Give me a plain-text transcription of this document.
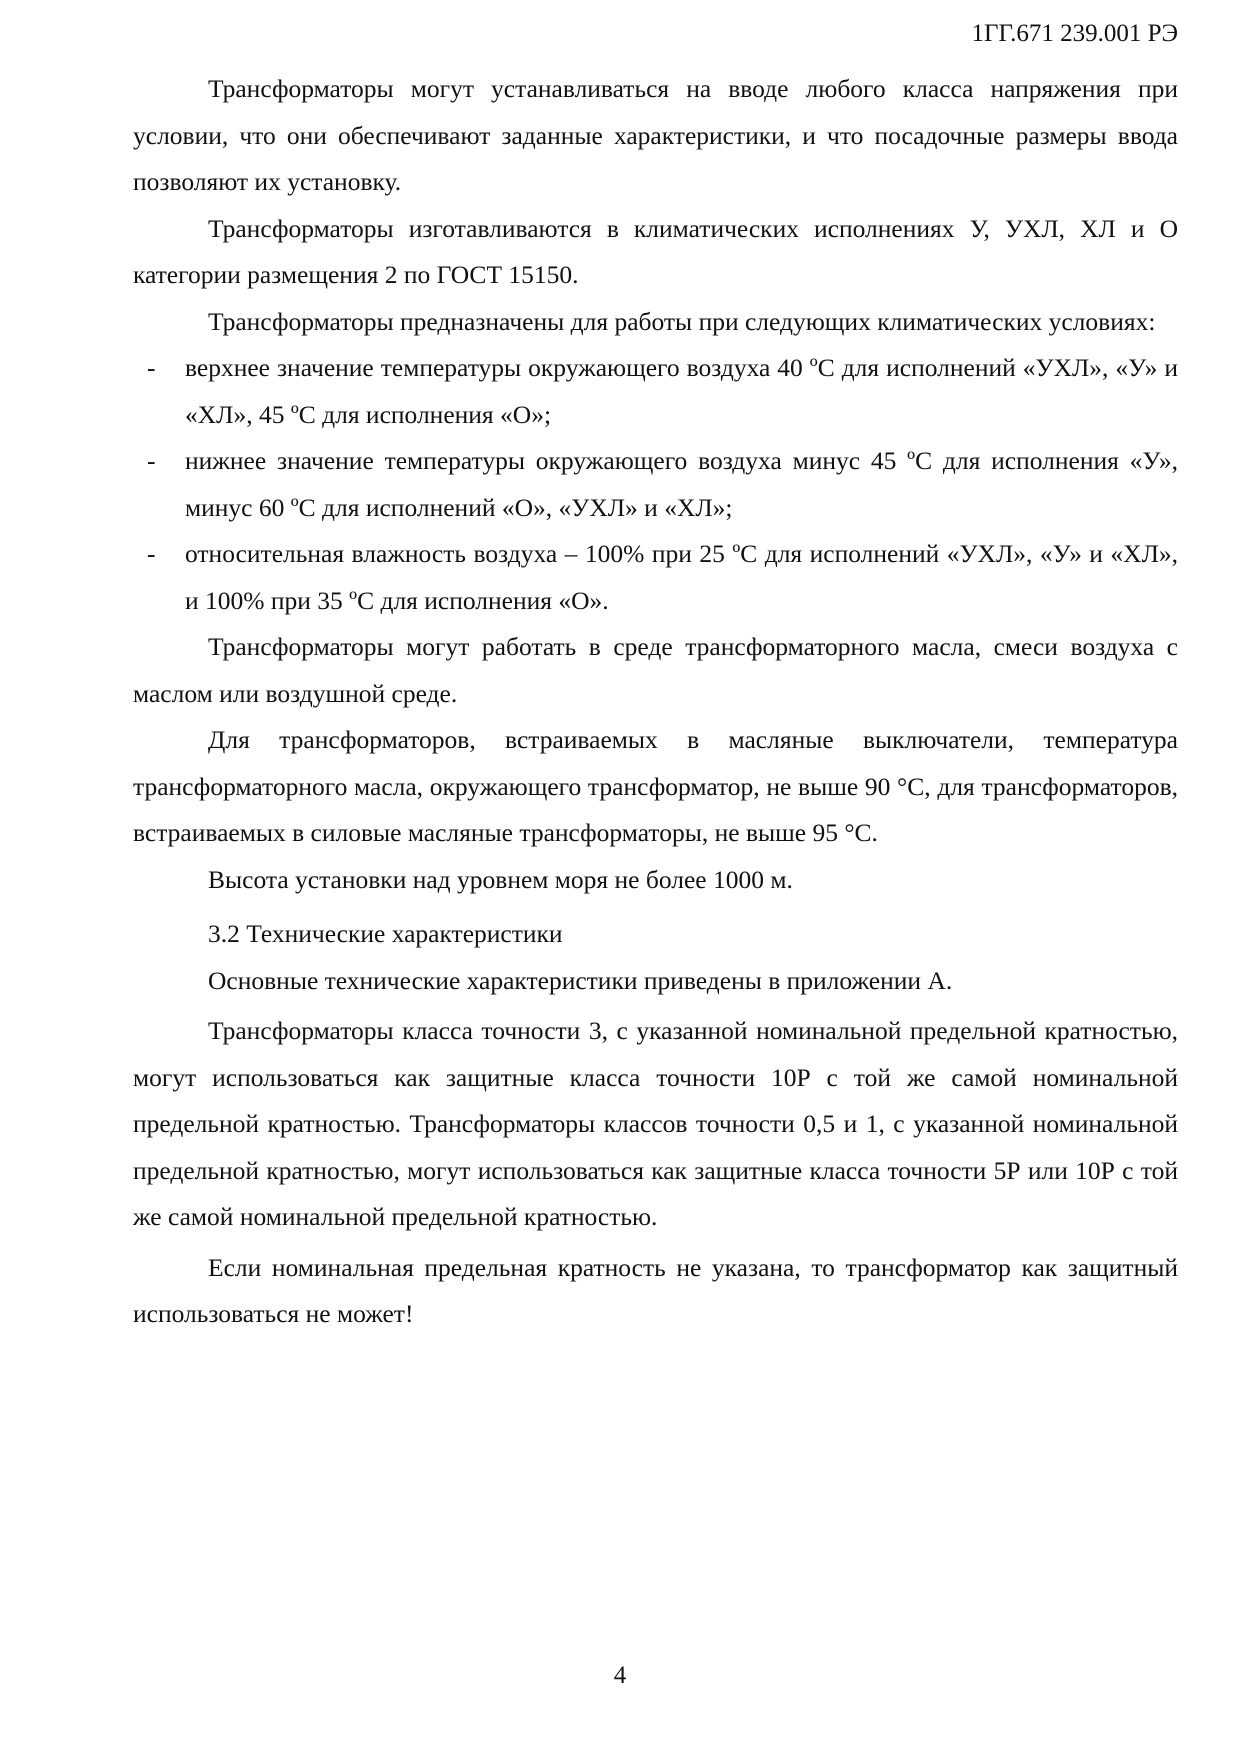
1ГГ.671 239.001 РЭ

Трансформаторы могут устанавливаться на вводе любого класса напряжения при условии, что они обеспечивают заданные характеристики, и что посадочные размеры ввода позволяют их установку.

Трансформаторы изготавливаются в климатических исполнениях У, УХЛ, ХЛ и О категории размещения 2 по ГОСТ 15150.

Трансформаторы предназначены для работы при следующих климатических условиях:

- верхнее значение температуры окружающего воздуха 40 ºС для исполнений «УХЛ», «У» и «ХЛ», 45 ºС для исполнения «О»;
- нижнее значение температуры окружающего воздуха минус 45 ºС для исполнения «У», минус 60 ºС для исполнений «О», «УХЛ» и «ХЛ»;
- относительная влажность воздуха – 100% при 25 ºС для исполнений «УХЛ», «У» и «ХЛ», и 100% при 35 ºС для исполнения «О».

Трансформаторы могут работать в среде трансформаторного масла, смеси воздуха с маслом или воздушной среде.

Для трансформаторов, встраиваемых в масляные выключатели, температура трансформаторного масла, окружающего трансформатор, не выше 90 °С, для трансформаторов, встраиваемых в силовые масляные трансформаторы, не выше 95 °С.

Высота установки над уровнем моря не более 1000 м.

3.2 Технические характеристики

Основные технические характеристики приведены в приложении А.

Трансформаторы класса точности 3, с указанной номинальной предельной кратностью, могут использоваться как защитные класса точности 10Р с той же самой номинальной предельной кратностью. Трансформаторы классов точности 0,5 и 1, с указанной номинальной предельной кратностью, могут использоваться как защитные класса точности 5Р или 10Р с той же самой номинальной предельной кратностью.

Если номинальная предельная кратность не указана, то трансформатор как защитный использоваться не может!

4
